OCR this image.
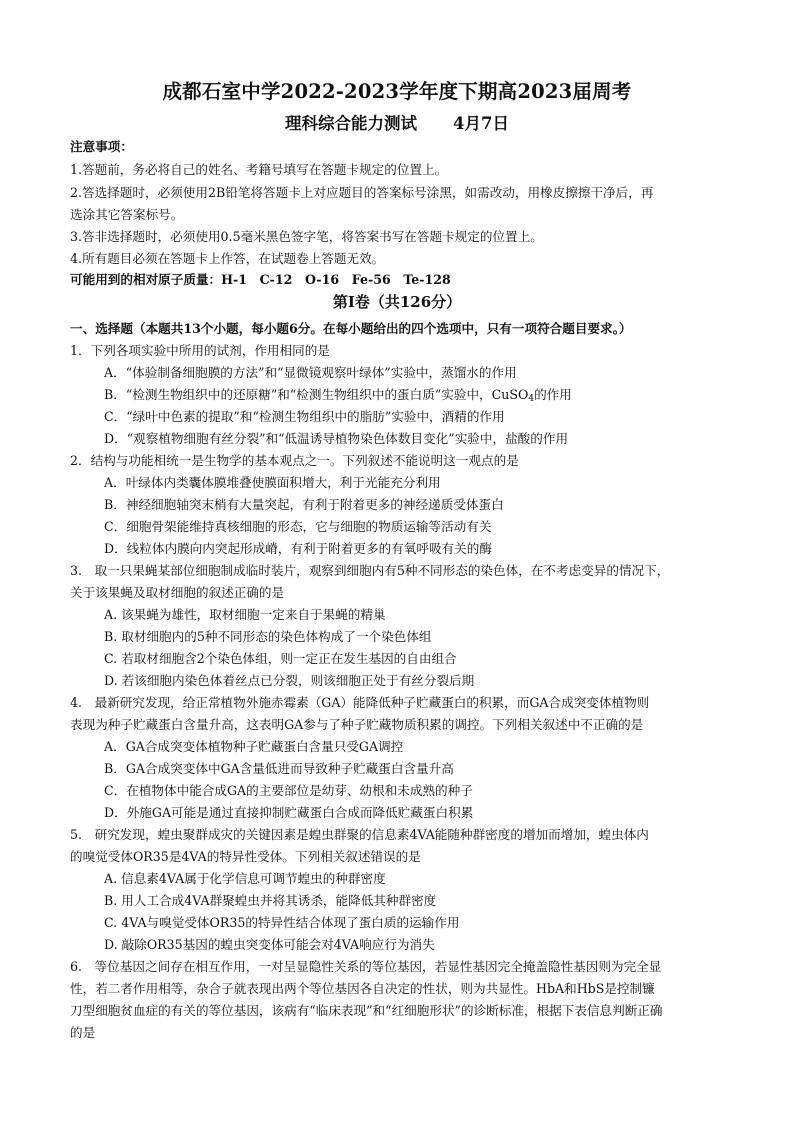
成都石室中学2022-2023学年度下期高2023届周考
理科综合能力测试 4月7日
注意事项：
1.答题前，务必将自己的姓名、考籍号填写在答题卡规定的位置上。
2.答选择题时，必须使用2B铅笔将答题卡上对应题目的答案标号涂黑，如需改动，用橡皮擦擦干净后，再
选涂其它答案标号。
3.答非选择题时，必须使用0.5毫米黑色签字笔，将答案书写在答题卡规定的位置上。
4.所有题目必须在答题卡上作答，在试题卷上答题无效。
可能用到的相对原子质量：H-1　C-12　O-16　Fe-56　Te-128
第Ⅰ卷（共126分）
一、选择题（本题共13个小题，每小题6分。在每小题给出的四个选项中，只有一项符合题目要求。）
1．下列各项实验中所用的试剂，作用相同的是
A．“体验制备细胞膜的方法”和“显微镜观察叶绿体”实验中，蒸馏水的作用
B．“检测生物组织中的还原糖”和“检测生物组织中的蛋白质”实验中，CuSO$_4$的作用
C．“绿叶中色素的提取”和“检测生物组织中的脂肪”实验中，酒精的作用
D．“观察植物细胞有丝分裂”和“低温诱导植物染色体数目变化”实验中，盐酸的作用
2．结构与功能相统一是生物学的基本观点之一。下列叙述不能说明这一观点的是
A．叶绿体内类囊体膜堆叠使膜面积增大，利于光能充分利用
B．神经细胞轴突末梢有大量突起，有利于附着更多的神经递质受体蛋白
C．细胞骨架能维持真核细胞的形态，它与细胞的物质运输等活动有关
D．线粒体内膜向内突起形成嵴，有利于附着更多的有氧呼吸有关的酶
3.　取一只果蝇某部位细胞制成临时装片，观察到细胞内有5种不同形态的染色体，在不考虑变异的情况下，
关于该果蝇及取材细胞的叙述正确的是
A. 该果蝇为雄性，取材细胞一定来自于果蝇的精巢
B. 取材细胞内的5种不同形态的染色体构成了一个染色体组
C. 若取材细胞含2个染色体组，则一定正在发生基因的自由组合
D. 若该细胞内染色体着丝点已分裂，则该细胞正处于有丝分裂后期
4.　最新研究发现，给正常植物外施赤霉素（GA）能降低种子贮藏蛋白的积累，而GA合成突变体植物则
表现为种子贮藏蛋白含量升高，这表明GA参与了种子贮藏物质积累的调控。下列相关叙述中不正确的是
A．GA合成突变体植物种子贮藏蛋白含量只受GA调控
B．GA合成突变体中GA含量低进而导致种子贮藏蛋白含量升高
C．在植物体中能合成GA的主要部位是幼芽、幼根和未成熟的种子
D．外施GA可能是通过直接抑制贮藏蛋白合成而降低贮藏蛋白积累
5.　研究发现，蝗虫聚群成灾的关键因素是蝗虫群聚的信息素4VA能随种群密度的增加而增加，蝗虫体内
的嗅觉受体OR35是4VA的特异性受体。下列相关叙述错误的是
A. 信息素4VA属于化学信息可调节蝗虫的种群密度
B. 用人工合成4VA群聚蝗虫并将其诱杀，能降低其种群密度
C. 4VA与嗅觉受体OR35的特异性结合体现了蛋白质的运输作用
D. 敲除OR35基因的蝗虫突变体可能会对4VA响应行为消失
6.　等位基因之间存在相互作用，一对呈显隐性关系的等位基因，若显性基因完全掩盖隐性基因则为完全显
性，若二者作用相等，杂合子就表现出两个等位基因各自决定的性状，则为共显性。HbA和HbS是控制镰
刀型细胞贫血症的有关的等位基因，该病有“临床表现”和“红细胞形状”的诊断标准，根据下表信息判断正确
的是
